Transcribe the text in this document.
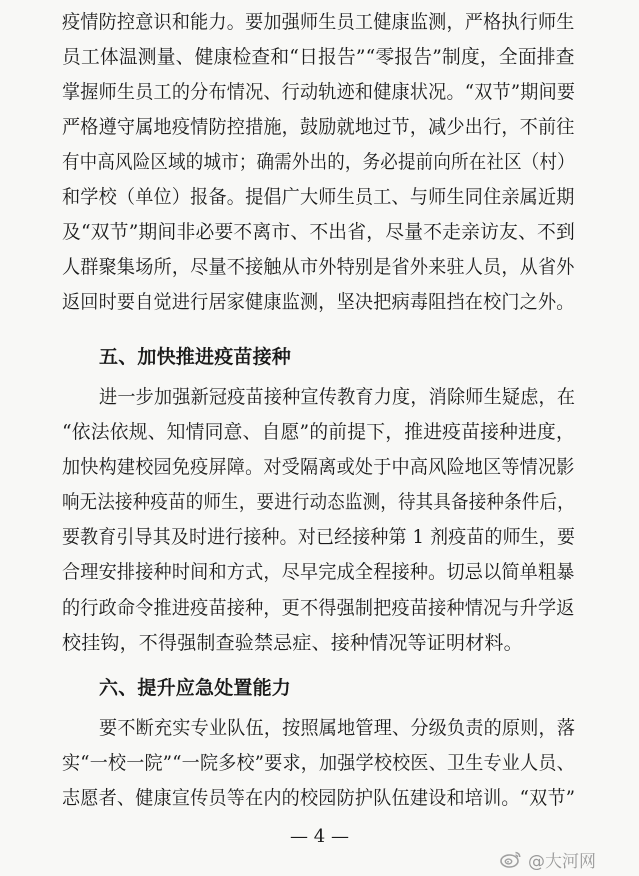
疫情防控意识和能力。要加强师生员工健康监测，严格执行师生
员工体温测量、健康检查和“日报告”“零报告”制度，全面排查
掌握师生员工的分布情况、行动轨迹和健康状况。“双节”期间要
严格遵守属地疫情防控措施，鼓励就地过节，减少出行，不前往
有中高风险区域的城市；确需外出的，务必提前向所在社区（村）
和学校（单位）报备。提倡广大师生员工、与师生同住亲属近期
及“双节”期间非必要不离市、不出省，尽量不走亲访友、不到
人群聚集场所，尽量不接触从市外特别是省外来驻人员，从省外
返回时要自觉进行居家健康监测，坚决把病毒阻挡在校门之外。
五、加快推进疫苗接种
进一步加强新冠疫苗接种宣传教育力度，消除师生疑虑，在
“依法依规、知情同意、自愿”的前提下，推进疫苗接种进度，
加快构建校园免疫屏障。对受隔离或处于中高风险地区等情况影
响无法接种疫苗的师生，要进行动态监测，待其具备接种条件后，
要教育引导其及时进行接种。对已经接种第 1 剂疫苗的师生，要
合理安排接种时间和方式，尽早完成全程接种。切忌以简单粗暴
的行政命令推进疫苗接种，更不得强制把疫苗接种情况与升学返
校挂钩，不得强制查验禁忌症、接种情况等证明材料。
六、提升应急处置能力
要不断充实专业队伍，按照属地管理、分级负责的原则，落
实“一校一院”“一院多校”要求，加强学校校医、卫生专业人员、
志愿者、健康宣传员等在内的校园防护队伍建设和培训。“双节”
— 4 —
@大河网
